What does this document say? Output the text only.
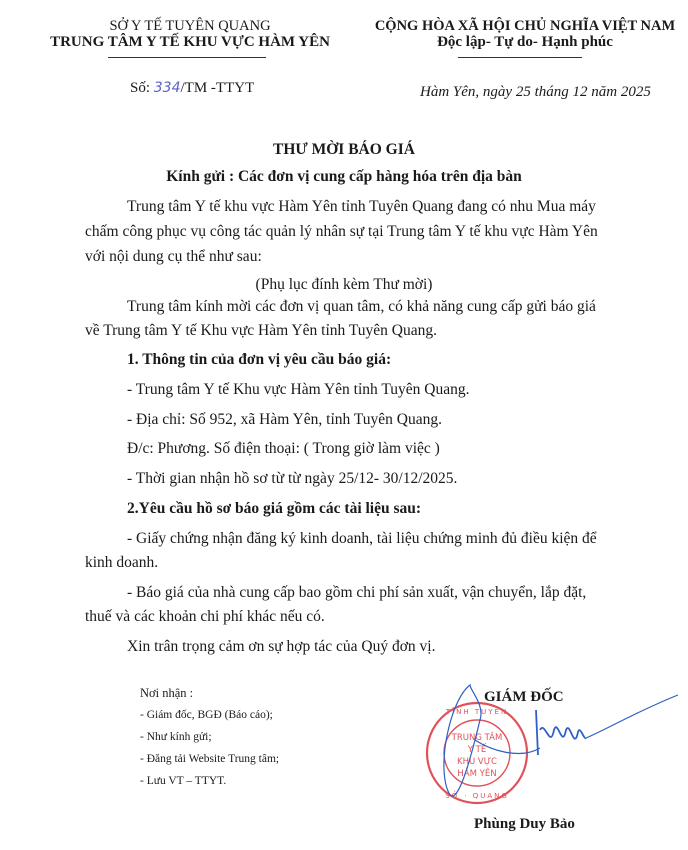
SỞ Y TẾ TUYÊN QUANG
TRUNG TÂM Y TẾ KHU VỰC HÀM YÊN
CỘNG HÒA XÃ HỘI CHỦ NGHĨA VIỆT NAM
Độc lập- Tự do- Hạnh phúc
Số: 334/TM -TTYT	Hàm Yên, ngày 25 tháng 12 năm 2025
THƯ MỜI BÁO GIÁ
Kính gửi : Các đơn vị cung cấp hàng hóa trên địa bàn
Trung tâm Y tế khu vực Hàm Yên tỉnh Tuyên Quang đang có nhu Mua máy
chấm công phục vụ công tác quản lý nhân sự tại Trung tâm Y tế khu vực Hàm Yên
với nội dung cụ thể như sau:
(Phụ lục đính kèm Thư mời)
Trung tâm kính mời các đơn vị quan tâm, có khả năng cung cấp gửi báo giá
về Trung tâm Y tế Khu vực Hàm Yên tỉnh Tuyên Quang.
1. Thông tin của đơn vị yêu cầu báo giá:
- Trung tâm Y tế Khu vực Hàm Yên tỉnh Tuyên Quang.
- Địa chỉ: Số 952, xã Hàm Yên, tỉnh Tuyên Quang.
Đ/c: Phương. Số điện thoại: ( Trong giờ làm việc )
- Thời gian nhận hồ sơ từ từ ngày 25/12- 30/12/2025.
2.Yêu cầu hồ sơ báo giá gồm các tài liệu sau:
- Giấy chứng nhận đăng ký kinh doanh, tài liệu chứng minh đủ điều kiện để
kinh doanh.
- Báo giá của nhà cung cấp bao gồm chi phí sản xuất, vận chuyển, lắp đặt,
thuế và các khoản chi phí khác nếu có.
Xin trân trọng cảm ơn sự hợp tác của Quý đơn vị.
Nơi nhận :
- Giám đốc, BGĐ (Báo cáo);
- Như kính gửi;
- Đăng tải Website Trung tâm;
- Lưu VT – TTYT.
GIÁM ĐỐC
TỈNH TUYÊN
SỞ · QUANG
TRUNG TÂM
Y TẾ
KHU VỰC
HÀM YÊN
Phùng Duy Bảo
